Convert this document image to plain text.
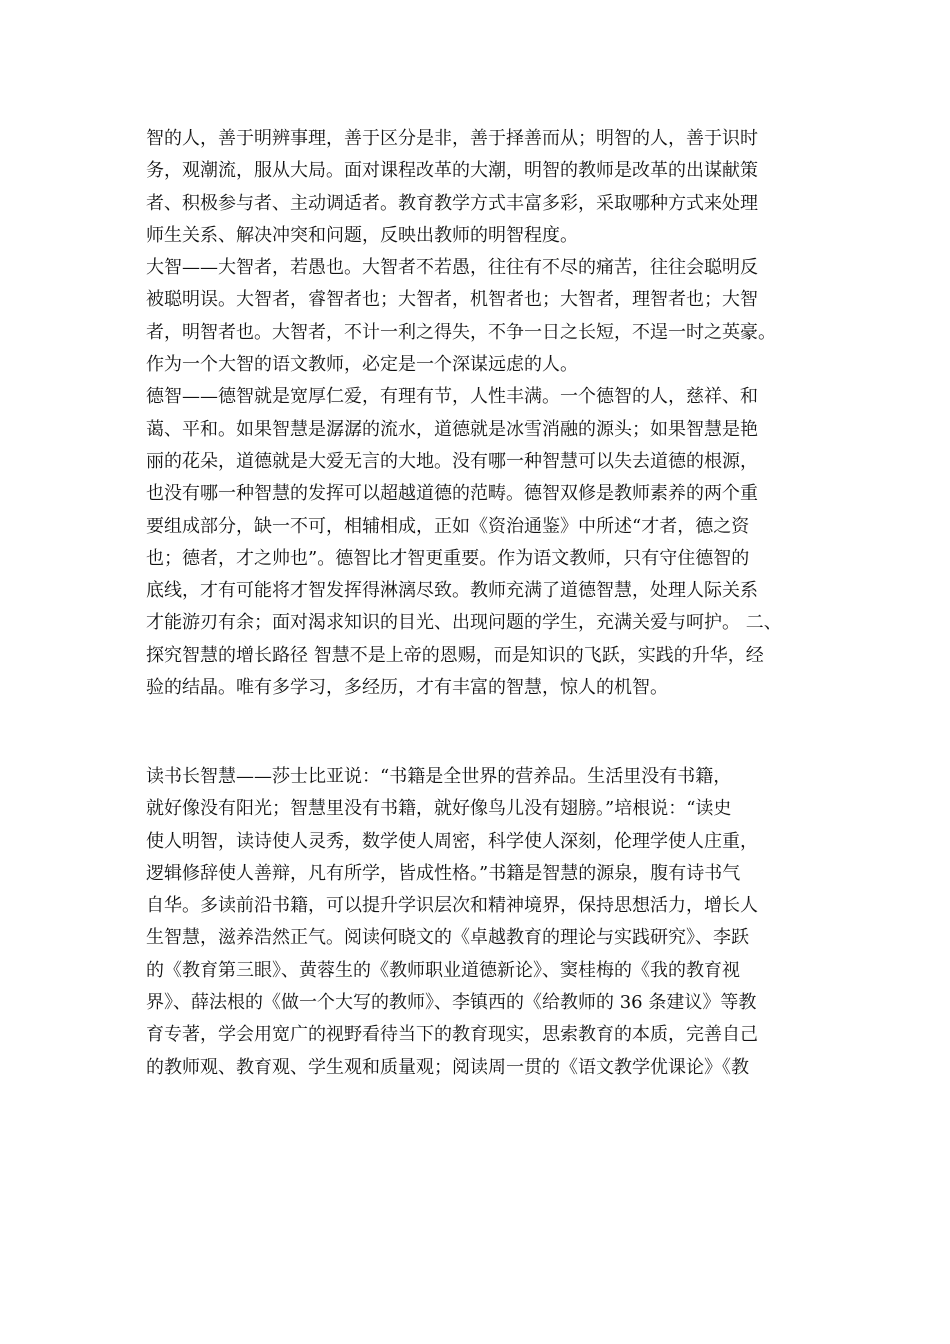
智的人，善于明辨事理，善于区分是非，善于择善而从；明智的人，善于识时
务，观潮流，服从大局。面对课程改革的大潮，明智的教师是改革的出谋献策
者、积极参与者、主动调适者。教育教学方式丰富多彩，采取哪种方式来处理
师生关系、解决冲突和问题，反映出教师的明智程度。
大智——大智者，若愚也。大智者不若愚，往往有不尽的痛苦，往往会聪明反
被聪明误。大智者，睿智者也；大智者，机智者也；大智者，理智者也；大智
者，明智者也。大智者，不计一利之得失，不争一日之长短，不逞一时之英豪。
作为一个大智的语文教师，必定是一个深谋远虑的人。
德智——德智就是宽厚仁爱，有理有节，人性丰满。一个德智的人，慈祥、和
蔼、平和。如果智慧是潺潺的流水，道德就是冰雪消融的源头；如果智慧是艳
丽的花朵，道德就是大爱无言的大地。没有哪一种智慧可以失去道德的根源，
也没有哪一种智慧的发挥可以超越道德的范畴。德智双修是教师素养的两个重
要组成部分，缺一不可，相辅相成，正如《资治通鉴》中所述“才者，德之资
也；德者，才之帅也”。德智比才智更重要。作为语文教师，只有守住德智的
底线，才有可能将才智发挥得淋漓尽致。教师充满了道德智慧，处理人际关系
才能游刃有余；面对渴求知识的目光、出现问题的学生，充满关爱与呵护。 二、
探究智慧的增长路径 智慧不是上帝的恩赐，而是知识的飞跃，实践的升华，经
验的结晶。唯有多学习，多经历，才有丰富的智慧，惊人的机智。

读书长智慧——莎士比亚说：“书籍是全世界的营养品。生活里没有书籍，
就好像没有阳光；智慧里没有书籍，就好像鸟儿没有翅膀。”培根说：“读史
使人明智，读诗使人灵秀，数学使人周密，科学使人深刻，伦理学使人庄重，
逻辑修辞使人善辩，凡有所学，皆成性格。”书籍是智慧的源泉，腹有诗书气
自华。多读前沿书籍，可以提升学识层次和精神境界，保持思想活力，增长人
生智慧，滋养浩然正气。阅读何晓文的《卓越教育的理论与实践研究》、李跃
的《教育第三眼》、黄蓉生的《教师职业道德新论》、窦桂梅的《我的教育视
界》、薛法根的《做一个大写的教师》、李镇西的《给教师的 36 条建议》等教
育专著，学会用宽广的视野看待当下的教育现实，思索教育的本质，完善自己
的教师观、教育观、学生观和质量观；阅读周一贯的《语文教学优课论》《教
